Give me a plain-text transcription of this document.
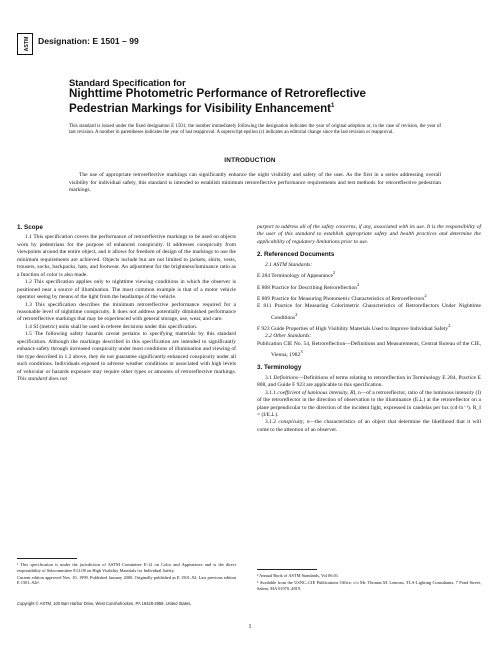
ASTM Designation: E 1501 – 99
Standard Specification for
Nighttime Photometric Performance of Retroreflective
Pedestrian Markings for Visibility Enhancement$^1$
This standard is issued under the fixed designation E 1501; the number immediately following the designation indicates the year of original adoption or, in the case of revision, the year of last revision. A number in parentheses indicates the year of last reapproval. A superscript epsilon (ε) indicates an editorial change since the last revision or reapproval.
INTRODUCTION
The use of appropriate retroreflective markings can significantly enhance the night visibility and safety of the user. As the first in a series addressing overall visibility for individual safety, this standard is intended to establish minimum retroreflective performance requirements and test methods for retroreflective pedestrian markings.

1. Scope

1.1 This specification covers the performance of retroreflective markings to be used on objects worn by pedestrians for the purpose of enhanced conspicuity. It addresses conspicuity from viewpoints around the entire object, and it allows for freedom of design of the markings to use the minimum requirements are achieved. Objects include but are not limited to jackets, shirts, vests, trousers, socks, backpacks, hats, and footwear. An adjustment for the brightness/luminance ratio as a function of color is also made.

1.2 This specification applies only to nighttime viewing conditions in which the observer is positioned near a source of illumination. The most common example is that of a motor vehicle operator seeing by means of the light from the headlamps of the vehicle.

1.3 This specification describes the minimum retroreflective performance required for a reasonable level of nighttime conspicuity. It does not address potentially diminished performance of retroreflective markings that may be experienced with general storage, use, wear, and care.

1.4 SI (metric) units shall be used in referee decisions under this specification.

1.5 The following safety hazards caveat pertains to specifying materials by this standard specification. Although the markings described in this specification are intended to significantly enhance safety through increased conspicuity under most conditions of illumination and viewing of the type described in 1.2 above, they do not guarantee significantly enhanced conspicuity under all such conditions. Individuals exposed to adverse weather conditions or associated with high levels of vehicular or hazards exposure may require other types or amounts of retroreflective markings. This standard does not

purport to address all of the safety concerns, if any, associated with its use. It is the responsibility of the user of this standard to establish appropriate safety and health practices and determine the applicability of regulatory limitations prior to use.

2. Referenced Documents

2.1 ASTM Standards:

E 284 Terminology of Appearance$^2$

E 808 Practice for Describing Retroreflection$^2$

E 809 Practice for Measuring Photometric Characteristics of Retroreflectors$^2$

E 811 Practice for Measuring Colorimetric Characteristics of Retroreflectors Under Nighttime Conditions$^2$

F 923 Guide Properties of High Visibility Materials Used to Improve Individual Safety$^2$

2.2 Other Standards:

Publication CIE No. 54, Retroreflection—Definitions and Measurements, Central Bureau of the CIE, Vienna, 1982$^3$

3. Terminology

3.1 Definitions—Definitions of terms relating to retroreflection in Terminology E 284, Practice E 808, and Guide F 923 are applicable to this specification.

3.1.1 coefficient of luminous intensity, RI, n—of a retroreflector, ratio of the luminous intensity (I) of the retroreflector in the direction of observation to the illuminance (E⊥) at the retroreflector on a plane perpendicular to the direction of the incident light, expressed in candelas per lux (cd·lx⁻¹). R_I = (I/E⊥).

3.1.2 conspicuity, n—the characteristics of an object that determine the likelihood that it will come to the attention of an observer.

¹ This specification is under the jurisdiction of ASTM Committee E-12 on Color and Appearance and is the direct responsibility of Subcommittee E12.08 on High Visibility Materials for Individual Safety.

Current edition approved Nov. 10, 1999. Published January 2000. Originally published as E 1501–92. Last previous edition E 1501–92ε¹.

² Annual Book of ASTM Standards, Vol 06.01.

³ Available from the USNC–CIE Publications Office, c/o Mr. Thomas M. Lemons, TLA-Lighting Consultants, 7 Pond Street, Salem, MA 01970–4819.

Copyright © ASTM, 100 Barr Harbor Drive, West Conshohocken, PA 19428-2959, United States.
1
